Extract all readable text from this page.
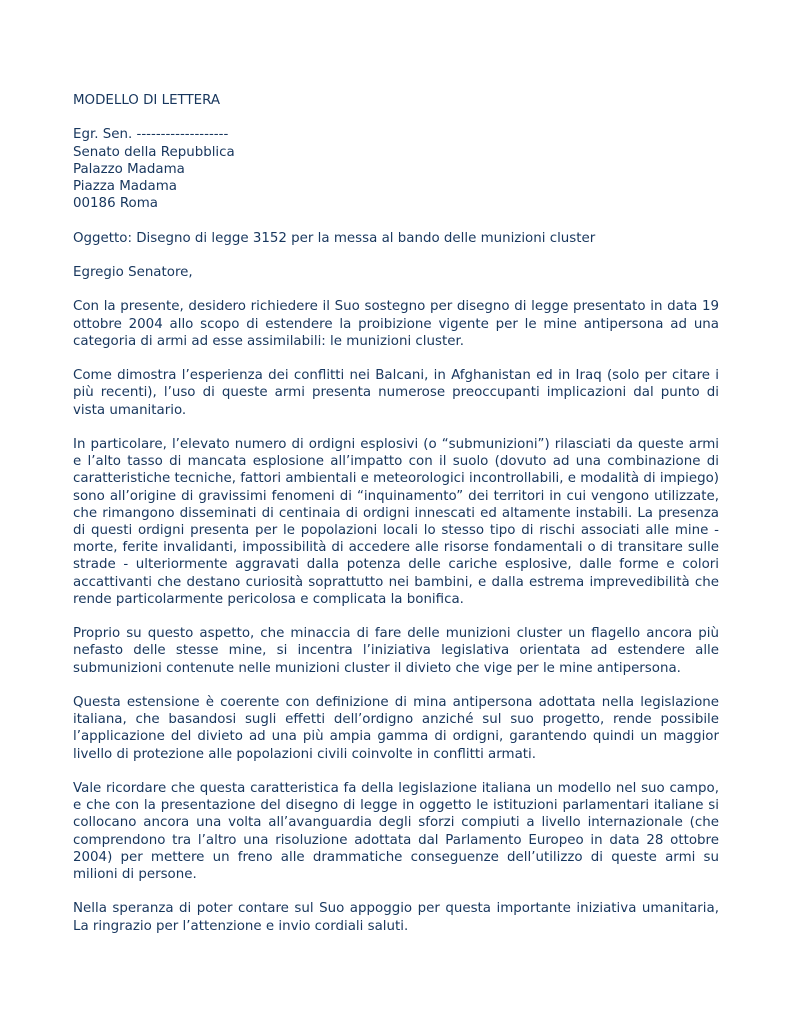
MODELLO DI LETTERA
Egr. Sen. -------------------
Senato della Repubblica
Palazzo Madama
Piazza Madama
00186 Roma
Oggetto: Disegno di legge 3152 per la messa al bando delle munizioni cluster
Egregio Senatore,

Con la presente, desidero richiedere il Suo sostegno per disegno di legge presentato in data 19 ottobre 2004 allo scopo di estendere la proibizione vigente per le mine antipersona ad una categoria di armi ad esse assimilabili: le munizioni cluster.

Come dimostra l’esperienza dei conflitti nei Balcani, in Afghanistan ed in Iraq (solo per citare i più recenti), l’uso di queste armi presenta numerose preoccupanti implicazioni dal punto di vista umanitario.

In particolare, l’elevato numero di ordigni esplosivi (o “submunizioni”) rilasciati da queste armi e l’alto tasso di mancata esplosione all’impatto con il suolo (dovuto ad una combinazione di caratteristiche tecniche, fattori ambientali e meteorologici incontrollabili, e modalità di impiego) sono all’origine di gravissimi fenomeni di “inquinamento” dei territori in cui vengono utilizzate, che rimangono disseminati di centinaia di ordigni innescati ed altamente instabili. La presenza di questi ordigni presenta per le popolazioni locali lo stesso tipo di rischi associati alle mine - morte, ferite invalidanti, impossibilità di accedere alle risorse fondamentali o di transitare sulle strade - ulteriormente aggravati dalla potenza delle cariche esplosive, dalle forme e colori accattivanti che destano curiosità soprattutto nei bambini, e dalla estrema imprevedibilità che rende particolarmente pericolosa e complicata la bonifica.

Proprio su questo aspetto, che minaccia di fare delle munizioni cluster un flagello ancora più nefasto delle stesse mine, si incentra l’iniziativa legislativa orientata ad estendere alle submunizioni contenute nelle munizioni cluster il divieto che vige per le mine antipersona.

Questa estensione è coerente con definizione di mina antipersona adottata nella legislazione italiana, che basandosi sugli effetti dell’ordigno anziché sul suo progetto, rende possibile l’applicazione del divieto ad una più ampia gamma di ordigni, garantendo quindi un maggior livello di protezione alle popolazioni civili coinvolte in conflitti armati.

Vale ricordare che questa caratteristica fa della legislazione italiana un modello nel suo campo, e che con la presentazione del disegno di legge in oggetto le istituzioni parlamentari italiane si collocano ancora una volta all’avanguardia degli sforzi compiuti a livello internazionale (che comprendono tra l’altro una risoluzione adottata dal Parlamento Europeo in data 28 ottobre 2004) per mettere un freno alle drammatiche conseguenze dell’utilizzo di queste armi su milioni di persone.

Nella speranza di poter contare sul Suo appoggio per questa importante iniziativa umanitaria, La ringrazio per l’attenzione e invio cordiali saluti.
